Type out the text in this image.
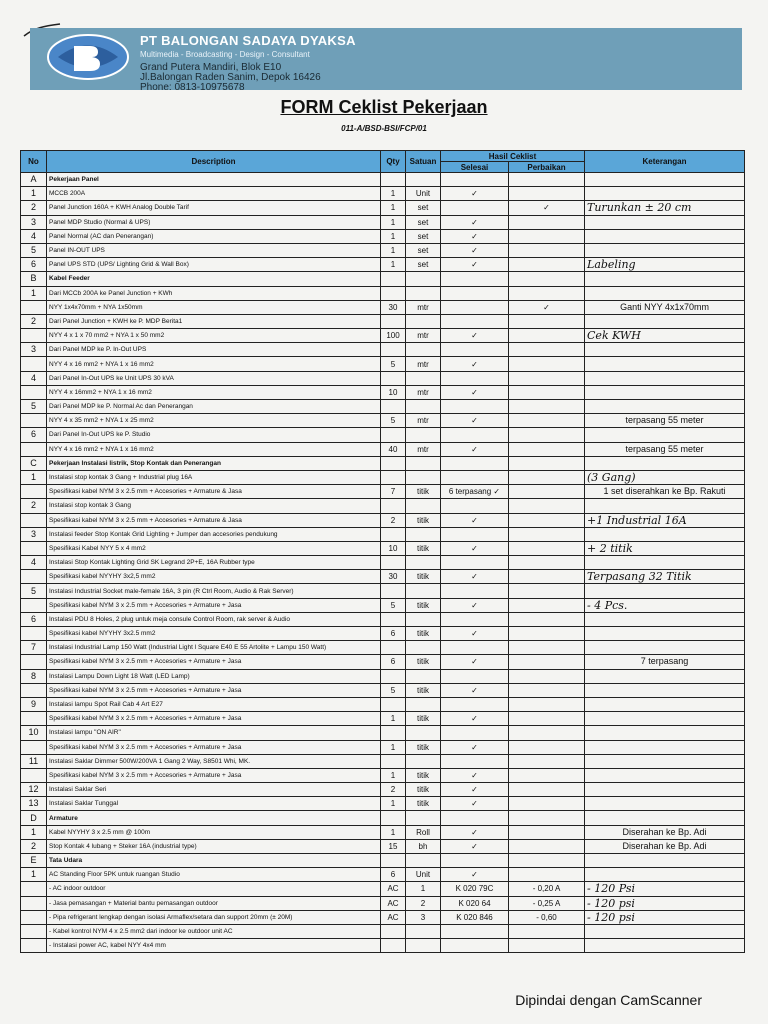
PT BALONGAN SADAYA DYAKSA
Multimedia - Broadcasting - Design - Consultant
Grand Putera Mandiri, Blok E10
Jl.Balongan Raden Sanim, Depok 16426
Phone: 0813-10975678
FORM Ceklist Pekerjaan
011-A/BSD-BSI/FCP/01
No	Description	Qty	Satuan	Hasil Ceklist		Keterangan
				Selesai	Perbaikan	
A	Pekerjaan Panel					
1	MCCB 200A	1	Unit	✓		
2	Panel Junction 160A + KWH Analog Double Tarif	1	set		✓	Turunkan ± 20 cm
3	Panel MDP Studio (Normal & UPS)	1	set	✓		
4	Panel Normal (AC dan Penerangan)	1	set	✓		
5	Panel IN-OUT UPS	1	set	✓		
6	Panel UPS STD (UPS/ Lighting Grid & Wall Box)	1	set	✓		Labeling
B	Kabel Feeder					
1	Dari MCCb 200A ke Panel Junction + KWh					
	NYY 1x4x70mm + NYA 1x50mm	30	mtr		✓	Ganti NYY 4x1x70mm
2	Dari Panel Junction + KWH ke P. MDP Berita1					
	NYY 4 x 1 x 70 mm2 + NYA 1 x 50 mm2	100	mtr	✓		Cek KWH
3	Dari Panel MDP ke P. In-Out UPS					
	NYY 4 x 16 mm2 + NYA 1 x 16 mm2	5	mtr	✓		
4	Dari Panel In-Out UPS ke Unit UPS 30 kVA					
	NYY 4 x 16mm2 + NYA 1 x 16 mm2	10	mtr	✓		
5	Dari Panel MDP ke P. Normal Ac dan Penerangan					
	NYY 4 x 35 mm2 + NYA 1 x 25 mm2	5	mtr	✓		terpasang 55 meter
6	Dari Panel In-Out UPS ke P. Studio					
	NYY 4 x 16 mm2 + NYA 1 x 16 mm2	40	mtr	✓		terpasang 55 meter
C	Pekerjaan Instalasi listrik, Stop Kontak dan Penerangan					
1	Instalasi stop kontak 3 Gang + Industrial plug 16A					(3 Gang)
	Spesifikasi kabel NYM 3 x 2.5 mm + Accesories + Armature & Jasa	7	titik	6 terpasang ✓		1 set diserahkan ke Bp. Rakuti
2	Instalasi stop kontak 3 Gang					
	Spesifikasi kabel NYM 3 x 2.5 mm + Accesories + Armature & Jasa	2	titik	✓		+1 Industrial 16A
3	Instalasi feeder Stop Kontak Grid Lighting + Jumper dan accesories pendukung					
	Spesifikasi Kabel NYY 5 x 4 mm2	10	titik	✓		+ 2 titik
4	Instalasi Stop Kontak Lighting Grid SK Legrand 2P+E, 16A Rubber type					
	Spesifikasi kabel NYYHY 3x2,5 mm2	30	titik	✓		Terpasang 32 Titik
5	Instalasi Industrial Socket male-female 16A, 3 pin (R Ctrl Room, Audio & Rak Server)					
	Spesifikasi kabel NYM 3 x 2.5 mm + Accesories + Armature + Jasa	5	titik	✓		- 4 Pcs.
6	Instalasi PDU 8 Holes, 2 plug untuk meja consule Control Room, rak server & Audio					
	Spesifikasi kabel NYYHY 3x2.5 mm2	6	titik	✓		
7	Instalasi Industrial Lamp 150 Watt (Industrial Light l Square E40 E 55 Artolite + Lampu 150 Watt)					
	Spesifikasi kabel NYM 3 x 2.5 mm + Accesories + Armature + Jasa	6	titik	✓		7 terpasang
8	Instalasi Lampu Down Light 18 Watt (LED Lamp)					
	Spesifikasi kabel NYM 3 x 2.5 mm + Accesories + Armature + Jasa	5	titik	✓		
9	Instalasi lampu Spot Rail Cab 4 Art E27					
	Spesifikasi kabel NYM 3 x 2.5 mm + Accesories + Armature + Jasa	1	titik	✓		
10	Instalasi lampu "ON AIR"					
	Spesifikasi kabel NYM 3 x 2.5 mm + Accesories + Armature + Jasa	1	titik	✓		
11	Instalasi Saklar Dimmer 500W/200VA 1 Gang 2 Way, S8501 Whi, MK.					
	Spesifikasi kabel NYM 3 x 2.5 mm + Accesories + Armature + Jasa	1	titik	✓		
12	Instalasi Saklar Seri	2	titik	✓		
13	Instalasi Saklar Tunggal	1	titik	✓		
D	Armature					
1	Kabel NYYHY 3 x 2.5 mm @ 100m	1	Roll	✓		Diserahan ke Bp. Adi
2	Stop Kontak 4 lubang + Steker 16A (industrial type)	15	bh	✓		Diserahan ke Bp. Adi
E	Tata Udara					
1	AC Standing Floor 5PK untuk ruangan Studio	6	Unit	✓		
	- AC indoor outdoor	AC	1	K 020 79C	- 0,20 A	- 120 Psi
	- Jasa pemasangan + Material bantu pemasangan outdoor	AC	2	K 020 64	- 0,25 A	- 120 psi
	- Pipa refrigerant lengkap dengan isolasi Armaflex/setara dan support 20mm (± 20M)	AC	3	K 020 846	- 0,60	- 120 psi
	- Kabel kontrol NYM 4 x 2.5 mm2 dari indoor ke outdoor unit AC					
	- Instalasi power AC, kabel NYY 4x4 mm					
Dipindai dengan CamScanner
